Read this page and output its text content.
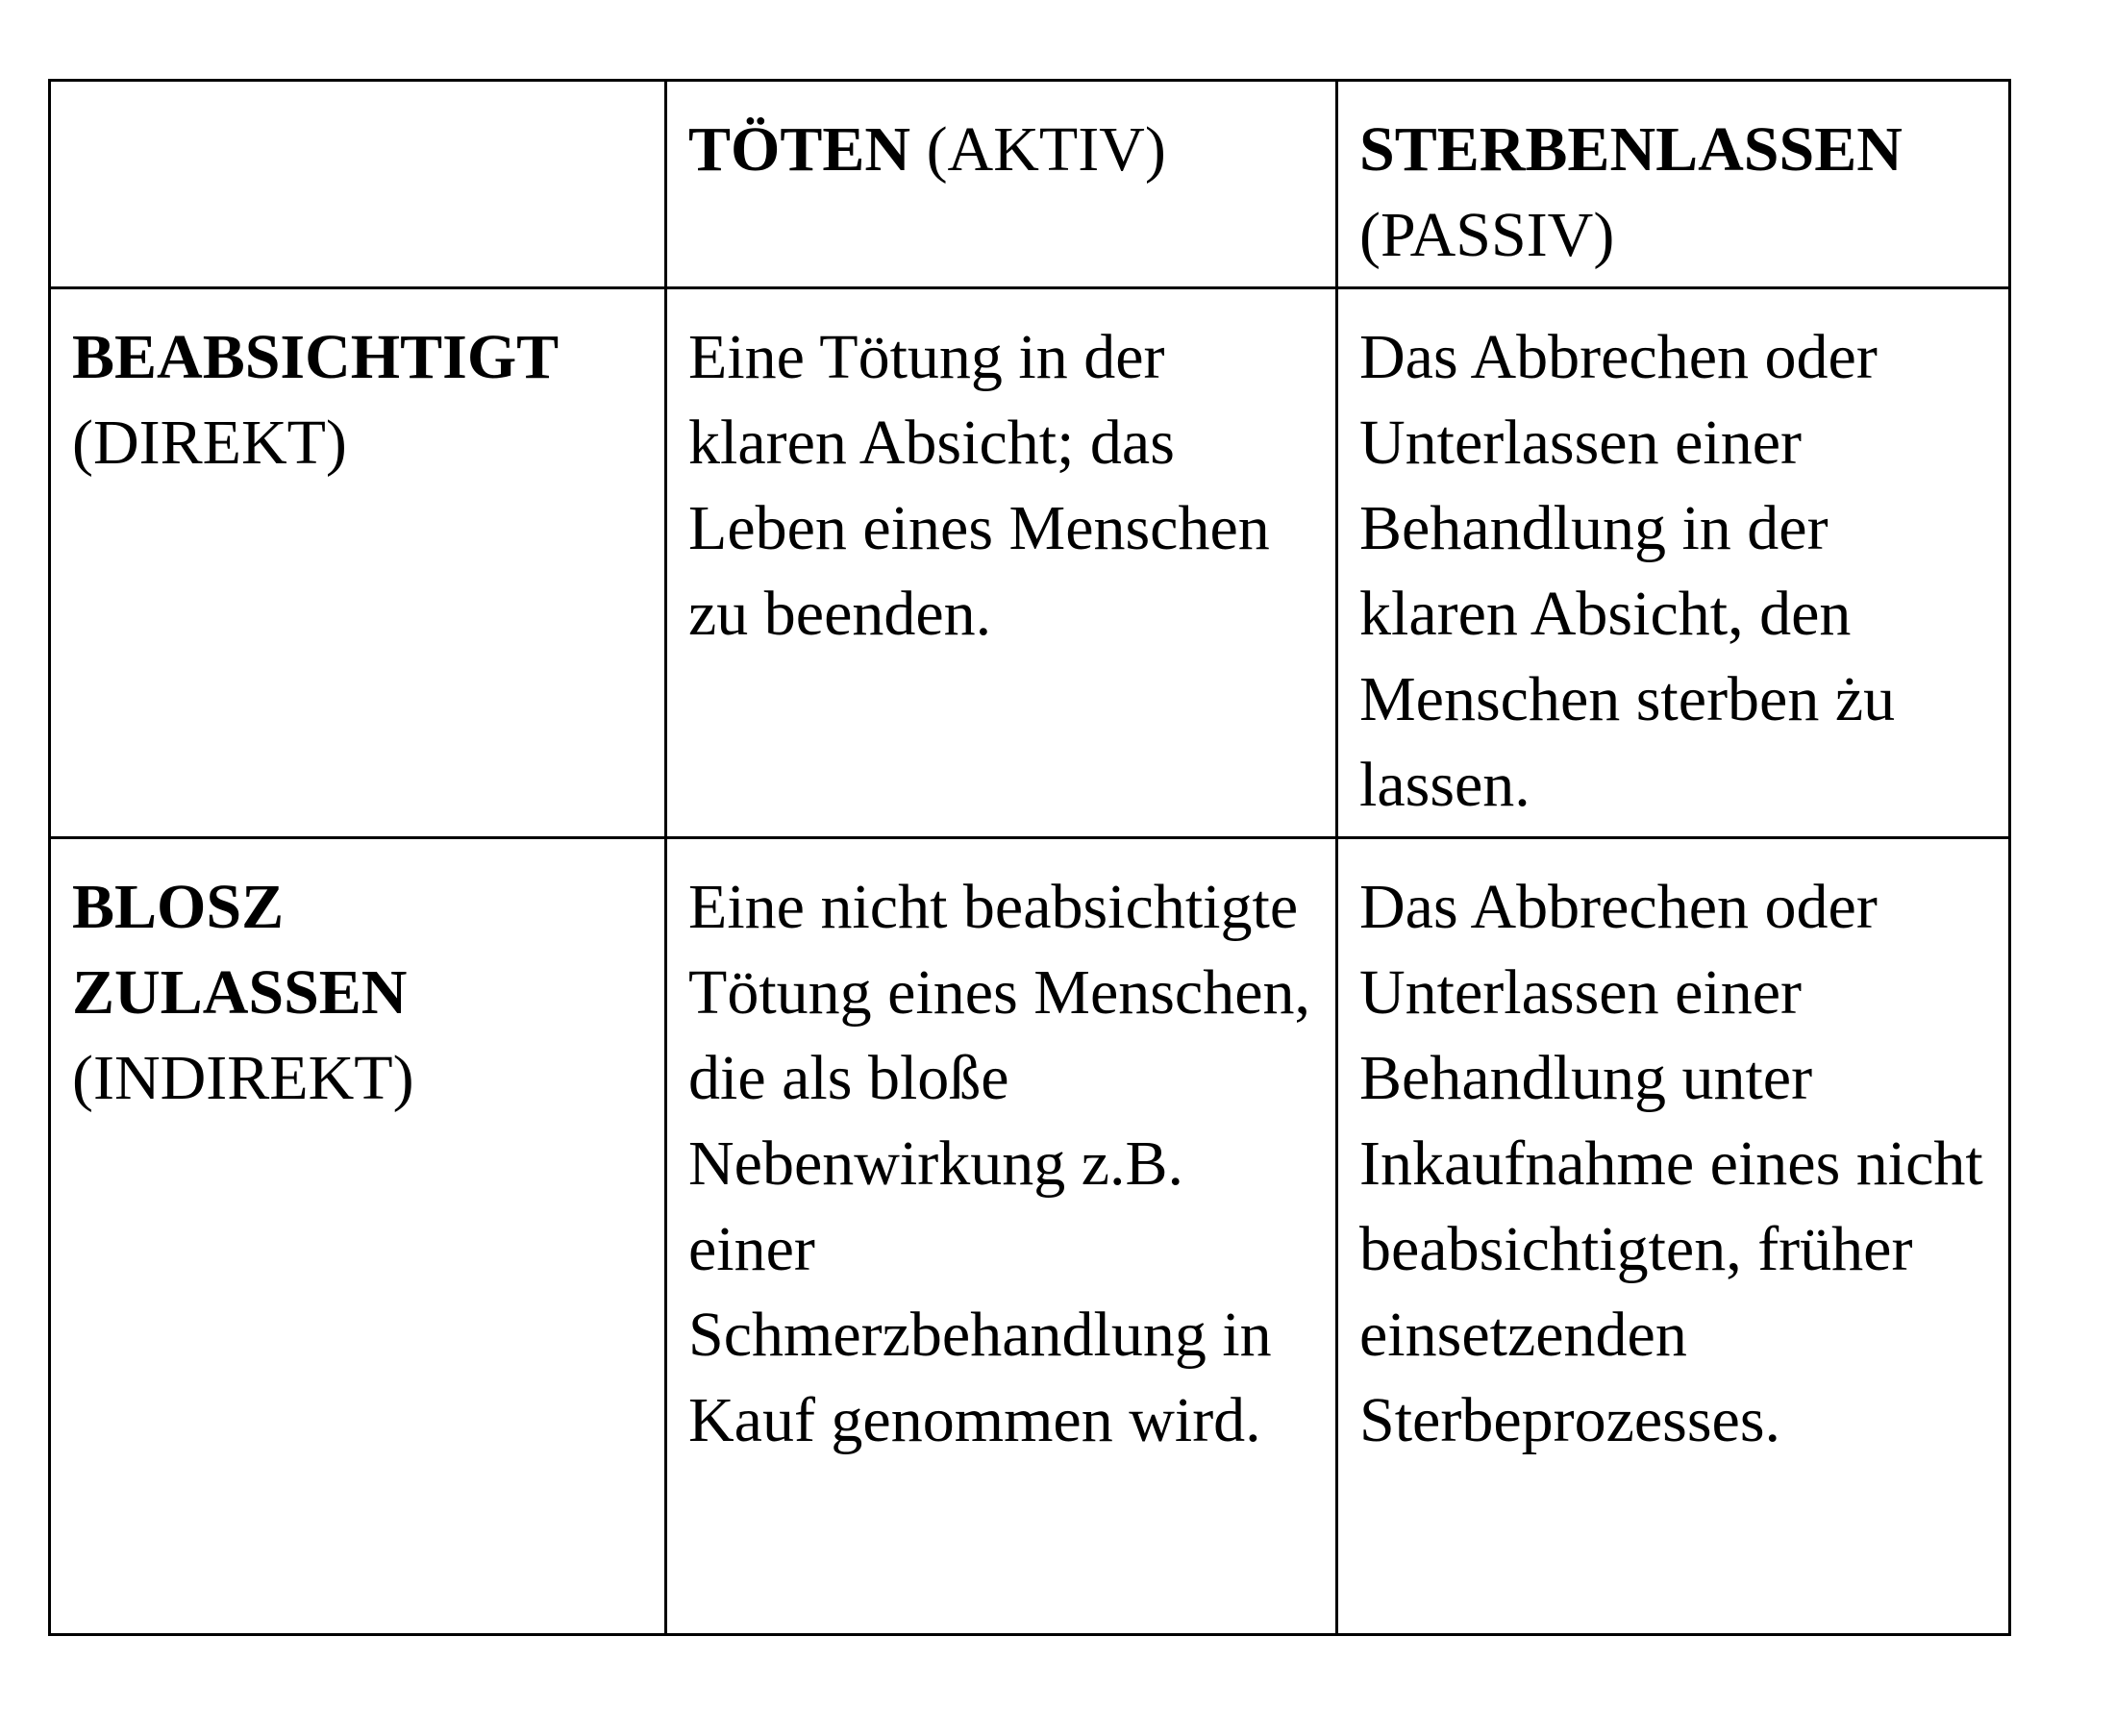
TÖTEN (AKTIV)	STERBENLASSEN
(PASSIV)
BEABSICHTIGT
(DIREKT)
Eine Tötung in der klaren Absicht; das Leben eines Menschen zu beenden.
Das Abbrechen oder Unterlassen einer Behandlung in der klaren Absicht, den Menschen sterben żu lassen.
BLOSZ ZULASSEN
(INDIREKT)
Eine nicht beabsichtigte Tötung eines Menschen, die als bloße Nebenwirkung z.B. einer Schmerzbehandlung in Kauf genommen wird.
Das Abbrechen oder Unterlassen einer Behandlung unter Inkaufnahme eines nicht beabsichtigten, früher einsetzenden Sterbeprozesses.
